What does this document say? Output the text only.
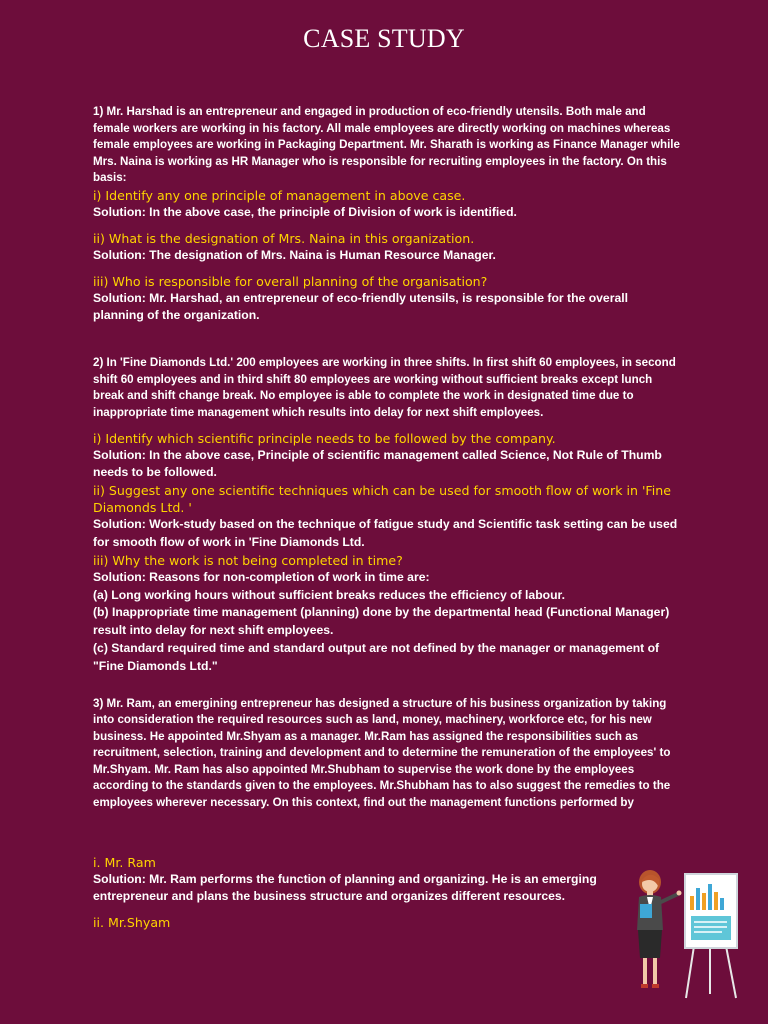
CASE STUDY
1) Mr. Harshad is an entrepreneur and engaged in production of eco-friendly utensils. Both male and female workers are working in his factory. All male employees are directly working on machines whereas female employees are working in Packaging Department. Mr. Sharath is working as Finance Manager while Mrs. Naina is working as HR Manager who is responsible for recruiting employees in the factory. On this basis:
i) Identify any one principle of management in above case.
Solution: In the above case, the principle of Division of work is identified.
ii) What is the designation of Mrs. Naina in this organization.
Solution: The designation of Mrs. Naina is Human Resource Manager.
iii) Who is responsible for overall planning of the organisation?
Solution: Mr. Harshad, an entrepreneur of eco-friendly utensils, is responsible for the overall planning of the organization.
2) In 'Fine Diamonds Ltd.' 200 employees are working in three shifts. In first shift 60 employees, in second shift 60 employees and in third shift 80 employees are working without sufficient breaks except lunch break and shift change break. No employee is able to complete the work in designated time due to inappropriate time management which results into delay for next shift employees.
i) Identify which scientific principle needs to be followed by the company.
Solution: In the above case, Principle of scientific management called Science, Not Rule of Thumb needs to be followed.
ii) Suggest any one scientific techniques which can be used for smooth flow of work in 'Fine Diamonds Ltd. '
Solution: Work-study based on the technique of fatigue study and Scientific task setting can be used for smooth flow of work in 'Fine Diamonds Ltd.
iii) Why the work is not being completed in time?
Solution: Reasons for non-completion of work in time are:
(a) Long working hours without sufficient breaks reduces the efficiency of labour.
(b) Inappropriate time management (planning) done by the departmental head (Functional Manager) result into delay for next shift employees.
(c) Standard required time and standard output are not defined by the manager or management of "Fine Diamonds Ltd."
3) Mr. Ram, an emergining entrepreneur has designed a structure of his business organization by taking into consideration the required resources such as land, money, machinery, workforce etc, for his new business. He appointed Mr.Shyam as a manager. Mr.Ram has assigned the responsibilities such as recruitment, selection, training and development and to determine the remuneration of the employees' to Mr.Shyam. Mr. Ram has also appointed Mr.Shubham to supervise the work done by the employees according to the standards given to the employees. Mr.Shubham has to also suggest the remedies to the employees wherever necessary. On this context, find out the management functions performed by
i. Mr. Ram
Solution: Mr. Ram performs the function of planning and organizing. He is an emerging entrepreneur and plans the business structure and organizes different resources.
ii. Mr.Shyam
